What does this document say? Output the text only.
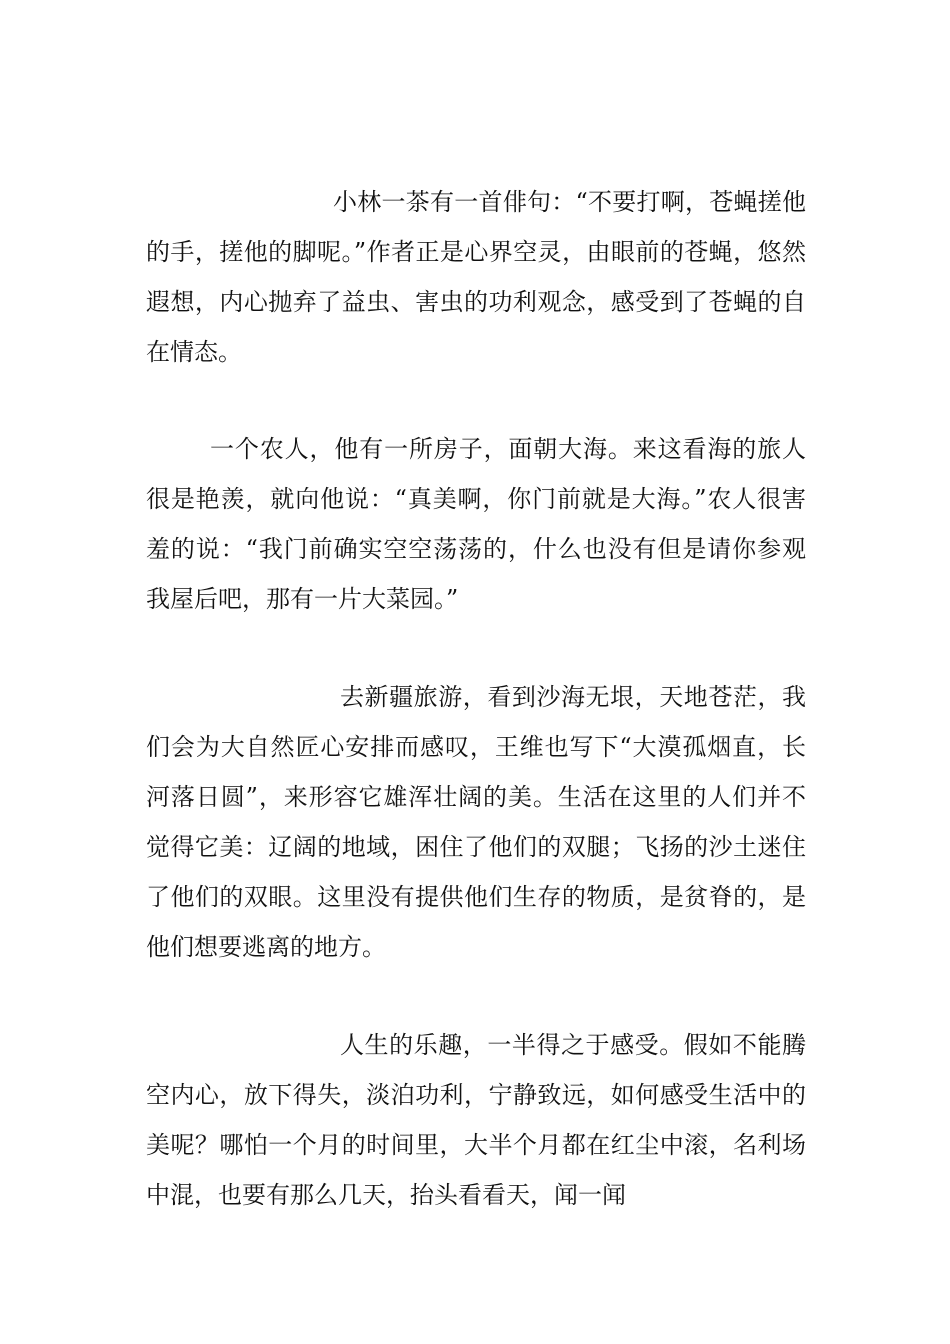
小林一茶有一首俳句：“不要打啊，苍蝇搓他的手，搓他的脚呢。”作者正是心界空灵，由眼前的苍蝇，悠然遐想，内心抛弃了益虫、害虫的功利观念，感受到了苍蝇的自在情态。

一个农人，他有一所房子，面朝大海。来这看海的旅人很是艳羡，就向他说：“真美啊，你门前就是大海。”农人很害羞的说：“我门前确实空空荡荡的，什么也没有但是请你参观我屋后吧，那有一片大菜园。”

去新疆旅游，看到沙海无垠，天地苍茫，我们会为大自然匠心安排而感叹，王维也写下“大漠孤烟直，长河落日圆”，来形容它雄浑壮阔的美。生活在这里的人们并不觉得它美：辽阔的地域，困住了他们的双腿；飞扬的沙土迷住了他们的双眼。这里没有提供他们生存的物质，是贫脊的，是他们想要逃离的地方。

人生的乐趣，一半得之于感受。假如不能腾空内心，放下得失，淡泊功利，宁静致远，如何感受生活中的美呢？哪怕一个月的时间里，大半个月都在红尘中滚，名利场中混，也要有那么几天，抬头看看天，闻一闻
